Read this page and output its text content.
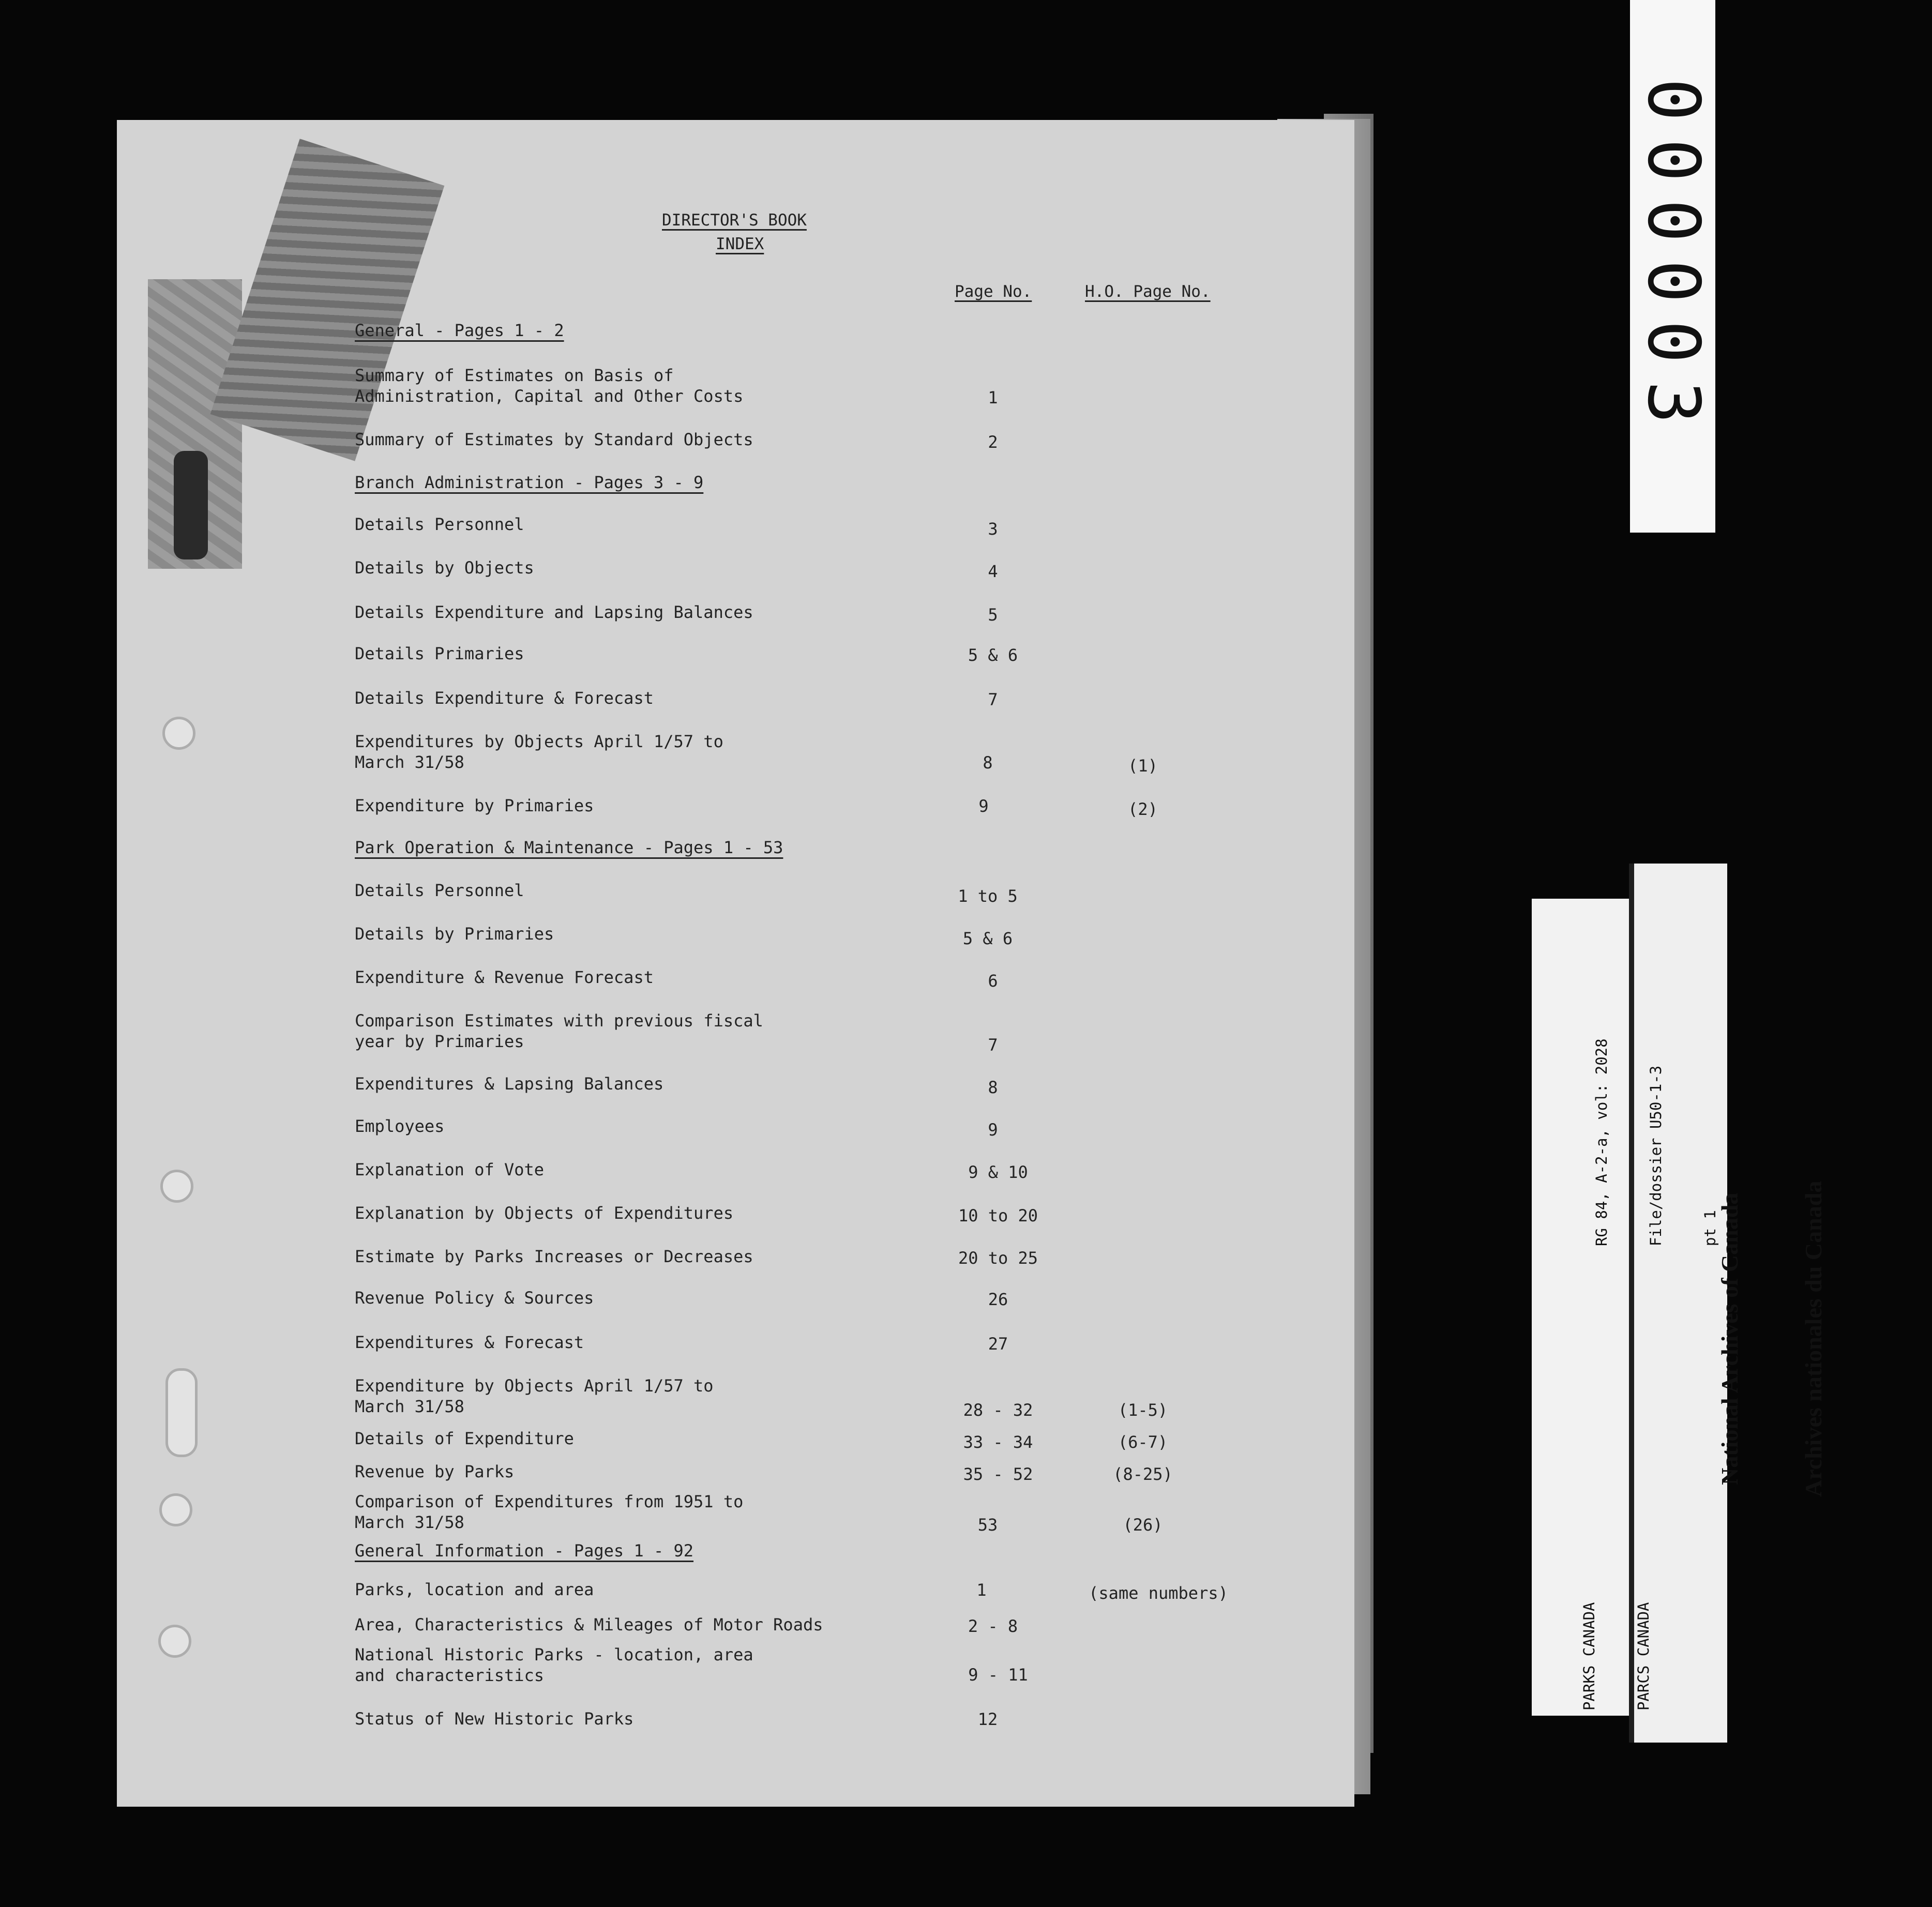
DIRECTOR'S BOOK
INDEX
Page No.	H.O. Page No.
General - Pages 1 - 2
Summary of Estimates on Basis of
Administration, Capital and Other Costs	1
Summary of Estimates by Standard Objects	2
Branch Administration - Pages 3 - 9
Details Personnel	3
Details by Objects	4
Details Expenditure and Lapsing Balances	5
Details Primaries	5 & 6
Details Expenditure & Forecast	7
Expenditures by Objects April 1/57 to
March 31/58	8	(1)
Expenditure by Primaries	9	(2)
Park Operation & Maintenance - Pages 1 - 53
Details Personnel	1 to 5
Details by Primaries	5 & 6
Expenditure & Revenue Forecast	6
Comparison Estimates with previous fiscal
year by Primaries	7
Expenditures & Lapsing Balances	8
Employees	9
Explanation of Vote	9 & 10
Explanation by Objects of Expenditures	10 to 20
Estimate by Parks Increases or Decreases	20 to 25
Revenue Policy & Sources	26
Expenditures & Forecast	27
Expenditure by Objects April 1/57 to
March 31/58	28 - 32	(1-5)
Details of Expenditure	33 - 34	(6-7)
Revenue by Parks	35 - 52	(8-25)
Comparison of Expenditures from 1951 to
March 31/58	53	(26)
General Information - Pages 1 - 92
Parks, location and area	1	(same numbers)
Area, Characteristics & Mileages of Motor Roads	2 - 8
National Historic Parks - location, area
and characteristics	9 - 11
Status of New Historic Parks	12
000003

RG 84, A-2-a, vol: 2028

File/dossier U50-1-3

pt 1

PARKS CANADA

PARCS CANADA

National Archives of Canada

Archives nationales du Canada
